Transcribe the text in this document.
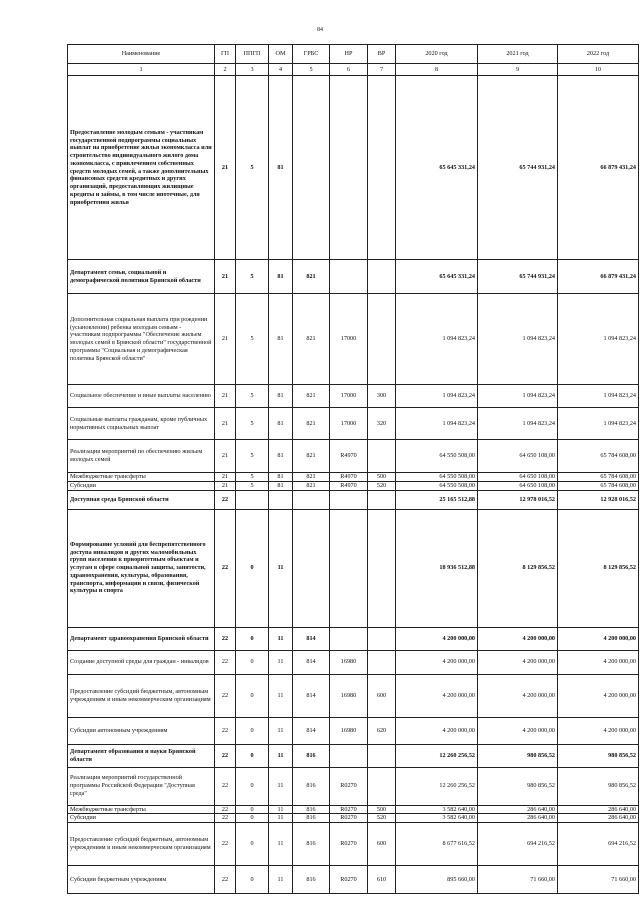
84
Наименование	ГП	ППГП	ОМ	ГРБС	НР	ВР	2020 год	2021 год	2022 год
1	2	3	4	5	6	7	8	9	10
Предоставление молодым семьям - участникам государственной подпрограммы социальных выплат на приобретение жилья экономкласса или строительство индивидуального жилого дома экономкласса, с привлечением собственных средств молодых семей, а также дополнительных финансовых средств кредитных и других организаций, предоставляющих жилищные кредиты и займы, в том числе ипотечные, для приобретения жилья	21	5	81				65 645 331,24	65 744 931,24	66 879 431,24
Департамент семьи, социальной и демографической политики Брянской области	21	5	81	821			65 645 331,24	65 744 931,24	66 879 431,24
Дополнительная социальная выплата при рождении (усыновлении) ребенка молодым семьям - участникам подпрограммы "Обеспечение жильем молодых семей в Брянской области" государственной программы "Социальная и демографическая политика Брянской области"	21	5	81	821	17000		1 094 823,24	1 094 823,24	1 094 823,24
Социальное обеспечение и иные выплаты населению	21	5	81	821	17000	300	1 094 823,24	1 094 823,24	1 094 823,24
Социальные выплаты гражданам, кроме публичных нормативных социальных выплат	21	5	81	821	17000	320	1 094 823,24	1 094 823,24	1 094 823,24
Реализация мероприятий по обеспечению жильем молодых семей	21	5	81	821	R4970		64 550 508,00	64 650 108,00	65 784 608,00
Межбюджетные трансферты	21	5	81	821	R4970	500	64 550 508,00	64 650 108,00	65 784 608,00
Субсидии	21	5	81	821	R4970	520	64 550 508,00	64 650 108,00	65 784 608,00
Доступная среда Брянской области	22						25 165 512,88	12 978 016,52	12 928 016,52
Формирование условий для беспрепятственного доступа инвалидов и других маломобильных групп населения к приоритетным объектам и услугам в сфере социальной защиты, занятости, здравоохранения, культуры, образования, транспорта, информации и связи, физической культуры и спорта	22	0	11				18 936 512,88	8 129 856,52	8 129 856,52
Департамент здравоохранения Брянской области	22	0	11	814			4 200 000,00	4 200 000,00	4 200 000,00
Создание доступной среды для граждан - инвалидов	22	0	11	814	16980		4 200 000,00	4 200 000,00	4 200 000,00
Предоставление субсидий бюджетным, автономным учреждениям и иным некоммерческим организациям	22	0	11	814	16980	600	4 200 000,00	4 200 000,00	4 200 000,00
Субсидии автономным учреждениям	22	0	11	814	16980	620	4 200 000,00	4 200 000,00	4 200 000,00
Департамент образования и науки Брянской области	22	0	11	816			12 260 256,52	980 856,52	980 856,52
Реализация мероприятий государственной программы Российской Федерации "Доступная среда"	22	0	11	816	R0270		12 260 256,52	980 856,52	980 856,52
Межбюджетные трансферты	22	0	11	816	R0270	500	3 582 640,00	286 640,00	286 640,00
Субсидии	22	0	11	816	R0270	520	3 582 640,00	286 640,00	286 640,00
Предоставление субсидий бюджетным, автономным учреждениям и иным некоммерческим организациям	22	0	11	816	R0270	600	8 677 616,52	694 216,52	694 216,52
Субсидии бюджетным учреждениям	22	0	11	816	R0270	610	895 660,00	71 660,00	71 660,00
